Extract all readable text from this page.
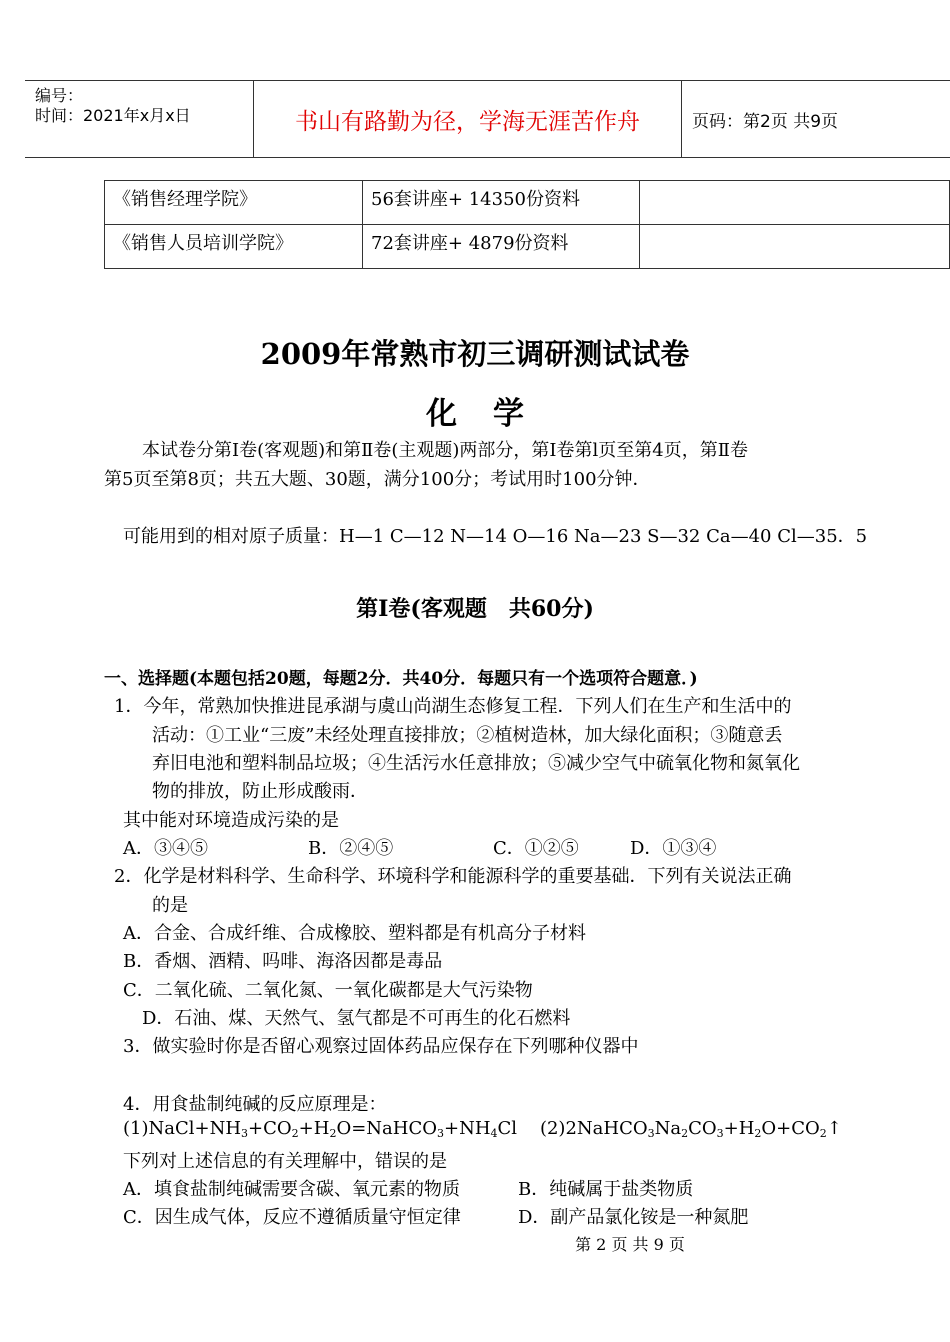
编号：
时间：2021年x月x日	书山有路勤为径，学海无涯苦作舟	页码：第2页 共9页
《销售经理学院》	56套讲座+ 14350份资料	
《销售人员培训学院》	72套讲座+ 4879份资料	
2009年常熟市初三调研测试试卷
化学
本试卷分第Ⅰ卷(客观题)和第Ⅱ卷(主观题)两部分，第Ⅰ卷第l页至第4页，第Ⅱ卷
第5页至第8页；共五大题、30题，满分100分；考试用时100分钟．
可能用到的相对原子质量：H—1 C—12 N—14 O—16 Na—23 S—32 Ca—40 Cl—35．5
第Ⅰ卷(客观题　共60分)
一、选择题(本题包括20题，每题2分．共40分．每题只有一个选项符合题意．)
1．今年，常熟加快推进昆承湖与虞山尚湖生态修复工程．下列人们在生产和生活中的
活动：①工业“三废”未经处理直接排放；②植树造林，加大绿化面积；③随意丢
弃旧电池和塑料制品垃圾；④生活污水任意排放；⑤减少空气中硫氧化物和氮氧化
物的排放，防止形成酸雨．
其中能对环境造成污染的是
A．③④⑤	B．②④⑤	C．①②⑤	D．①③④
2．化学是材料科学、生命科学、环境科学和能源科学的重要基础．下列有关说法正确
的是
A．合金、合成纤维、合成橡胶、塑料都是有机高分子材料
B．香烟、酒精、吗啡、海洛因都是毒品
C．二氧化硫、二氧化氮、一氧化碳都是大气污染物
D．石油、煤、天然气、氢气都是不可再生的化石燃料
3．做实验时你是否留心观察过固体药品应保存在下列哪种仪器中
4．用食盐制纯碱的反应原理是：
$(1)NaCl+NH_3+CO_2+H_2O=NaHCO_3+NH_4Cl$    $(2)2NaHCO_3Na_2CO_3+H_2O+CO_2↑$
下列对上述信息的有关理解中，错误的是
A．填食盐制纯碱需要含碳、氧元素的物质	B．纯碱属于盐类物质
C．因生成气体，反应不遵循质量守恒定律	D．副产品氯化铵是一种氮肥
第 2 页 共 9 页
